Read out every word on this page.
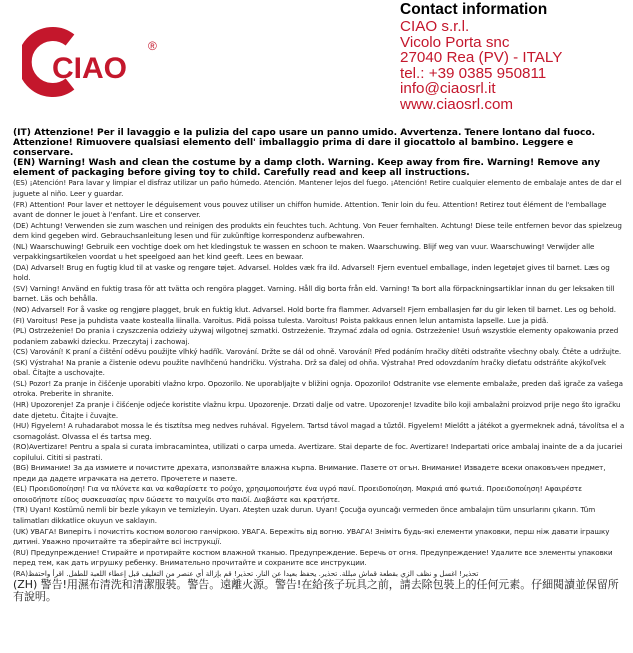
CIAO
®
Contact information
CIAO s.r.l.
Vicolo Porta snc
27040 Rea (PV) - ITALY
tel.: +39 0385 950811
info@ciaosrl.it
www.ciaosrl.com

(IT) Attenzione! Per il lavaggio e la pulizia del capo usare un panno umido. Avvertenza. Tenere lontano dal fuoco. Attenzione! Rimuovere qualsiasi elemento dell' imballaggio prima di dare il giocattolo al bambino. Leggere e conservare.

(EN) Warning! Wash and clean the costume by a damp cloth. Warning. Keep away from fire. Warning! Remove any element of packaging before giving toy to child. Carefully read and keep all instructions.

(ES) ¡Atención! Para lavar y limpiar el disfraz utilizar un paño húmedo. Atención. Mantener lejos del fuego. ¡Atención! Retire cualquier elemento de embalaje antes de dar el juguete al niño. Leer y guardar.

(FR) Attention! Pour laver et nettoyer le déguisement vous pouvez utiliser un chiffon humide. Attention. Tenir loin du feu. Attention! Retirez tout élément de l'emballage avant de donner le jouet à l'enfant. Lire et conserver.

(DE) Achtung! Verwenden sie zum waschen und reinigen des produkts ein feuchtes tuch. Achtung. Von Feuer fernhalten. Achtung! Diese teile entfernen bevor das spielzeug dem kind gegeben wird. Gebrauchsanleitung lesen und für zukünftige korrespondenz aufbewahren.

(NL) Waarschuwing! Gebruik een vochtige doek om het kledingstuk te wassen en schoon te maken. Waarschuwing. Blijf weg van vuur. Waarschuwing! Verwijder alle verpakkingsartikelen voordat u het speelgoed aan het kind geeft. Lees en bewaar.

(DA) Advarsel! Brug en fugtig klud til at vaske og rengøre tøjet. Advarsel. Holdes væk fra ild. Advarsel! Fjern eventuel emballage, inden legetøjet gives til barnet. Læs og hold.

(SV) Varning! Använd en fuktig trasa för att tvätta och rengöra plagget. Varning. Håll dig borta från eld. Varning! Ta bort alla förpackningsartiklar innan du ger leksaken till barnet. Läs och behålla.

(NO) Advarsel! For å vaske og rengjøre plagget, bruk en fuktig klut. Advarsel. Hold borte fra flammer. Advarsel! Fjern emballasjen før du gir leken til barnet. Les og behold.

(FI) Varoitus! Pese ja puhdista vaate kostealla liinalla. Varoitus. Pidä poissa tulesta. Varoitus! Poista pakkaus ennen lelun antamista lapselle. Lue ja pidä.

(PL) Ostrzeżenie! Do prania i czyszczenia odzieży używaj wilgotnej szmatki. Ostrzeżenie. Trzymać zdala od ognia. Ostrzeżenie! Usuń wszystkie elementy opakowania przed podaniem zabawki dziecku. Przeczytaj i zachowaj.

(CS) Varování! K praní a čištění oděvu použijte vlhký hadřík. Varování. Držte se dál od ohně. Varování! Před podáním hračky dítěti odstraňte všechny obaly. Čtěte a udržujte.

(SK) Výstraha! Na pranie a čistenie odevu použite navlhčenú handričku. Výstraha. Drž sa ďalej od ohňa. Výstraha! Pred odovzdaním hračky dieťatu odstráňte akýkoľvek obal. Čítajte a uschovajte.

(SL) Pozor! Za pranje in čiščenje uporabiti vlažno krpo. Opozorilo. Ne uporabljajte v bližini ognja. Opozorilo! Odstranite vse elemente embalaže, preden daš igrače za vašega otroka. Preberite in shranite.

(HR) Upozorenje! Za pranje i čišćenje odjeće koristite vlažnu krpu. Upozorenje. Drzati dalje od vatre. Upozorenje! Izvadite bilo koji ambalažni proizvod prije nego što igračku date djetetu. Čitajte i čuvajte.

(HU) Figyelem! A ruhadarabot mossa le és tisztítsa meg nedves ruhával. Figyelem. Tartsd távol magad a tűztől. Figyelem! Mielőtt a játékot a gyermeknek adná, távolítsa el a csomagolást. Olvassa el és tartsa meg.

(RO)Avertizare! Pentru a spala si curata imbracamintea, utilizati o carpa umeda. Avertizare. Stai departe de foc. Avertizare! Indepartati orice ambalaj inainte de a da jucariei copilului. Cititi si pastrati.

(BG) Внимание! За да измиете и почистите дрехата, използвайте влажна кърпа. Внимание. Пазете от огън. Внимание! Извадете всеки опаковъчен предмет, преди да дадете играчката на детето. Прочетете и пазете.

(EL) Προειδοποίηση! Για να πλύνετε και να καθαρίσετε το ρούχο, χρησιμοποιήστε ένα υγρό πανί. Προειδοποίηση. Μακριά από φωτιά. Προειδοποίηση! Αφαιρέστε οποιοδήποτε είδος συσκευασίας πριν δώσετε το παιχνίδι στο παιδί. Διαβάστε και κρατήστε.

(TR) Uyarı! Kostümü nemli bir bezle yıkayın ve temizleyin. Uyarı. Ateşten uzak durun. Uyarı! Çocuğa oyuncağı vermeden önce ambalajın tüm unsurlarını çıkarın. Tüm talimatları dikkatlice okuyun ve saklayın.

(UK) УВАГА! Виперіть і почистіть костюм вологою ганчіркою. УВАГА. Бережіть від вогню. УВАГА! Зніміть будь-які елементи упаковки, перш ніж давати іграшку дитині. Уважно прочитайте та зберігайте всі інструкції.

(RU) Предупреждение! Стирайте и протирайте костюм влажной тканью. Предупреждение. Беречь от огня. Предупреждение! Удалите все элементы упаковки перед тем, как дать игрушку ребенку. Внимательно прочитайте и сохраните все инструкции.

(RA)تحذير! اغسل و نظف الزي بقطعة قماش مبللة. تحذير. يحفظ بعيدا عن النار. تحذير! قم بإزالة أي عنصر من التغليف قبل إعطاء اللعبة للطفل. اقرأ واحتفظ

(ZH) 警告!用濕布清洗和清潔服裝。警告。遠離火源。警告!在給孩子玩具之前，請去除包裝上的任何元素。仔細閱讀並保留所有說明。
